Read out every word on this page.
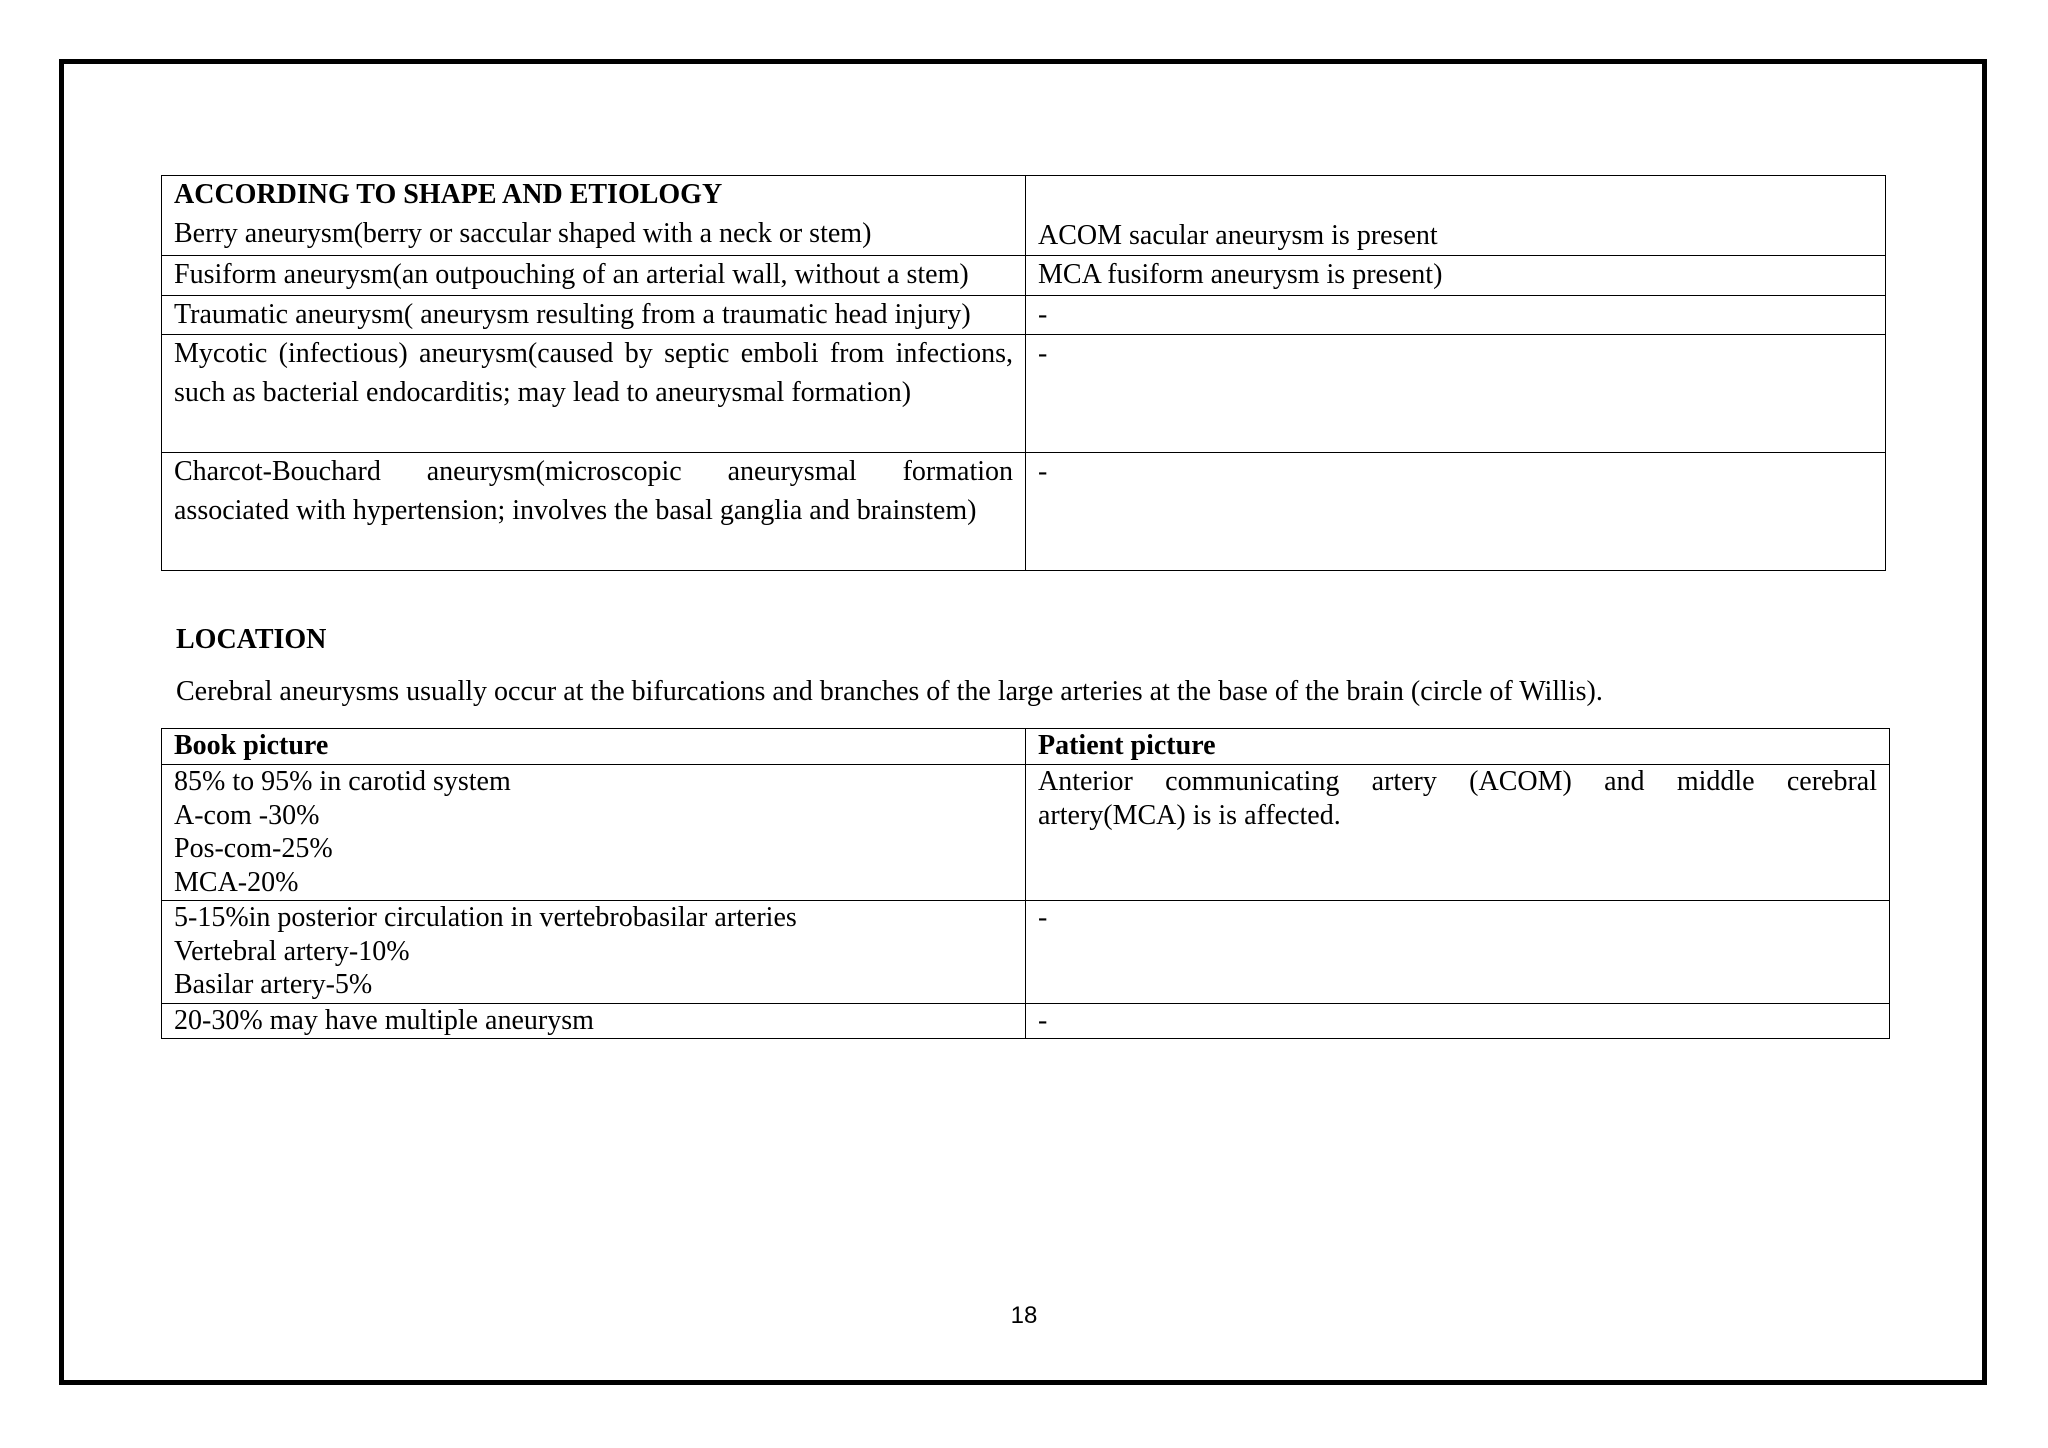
ACCORDING TO SHAPE AND ETIOLOGY
Berry aneurysm(berry or saccular shaped with a neck or stem)	ACOM sacular aneurysm is present
Fusiform aneurysm(an outpouching of an arterial wall, without a stem)	MCA fusiform aneurysm is present)
Traumatic aneurysm( aneurysm resulting from a traumatic head injury)	-
Mycotic (infectious) aneurysm(caused by septic emboli from infections, such as bacterial endocarditis; may lead to aneurysmal formation)	-
Charcot-Bouchard aneurysm(microscopic aneurysmal formation associated with hypertension; involves the basal ganglia and brainstem)	-

LOCATION

Cerebral aneurysms usually occur at the bifurcations and branches of the large arteries at the base of the brain (circle of Willis).

Book picture	Patient picture

85% to 95% in carotid system
A-com -30%
Pos-com-25%
MCA-20%	Anterior communicating artery (ACOM) and middle cerebral artery(MCA) is is affected.

5-15%in posterior circulation in vertebrobasilar arteries
Vertebral artery-10%
Basilar artery-5%	-

20-30% may have multiple aneurysm	-
18
